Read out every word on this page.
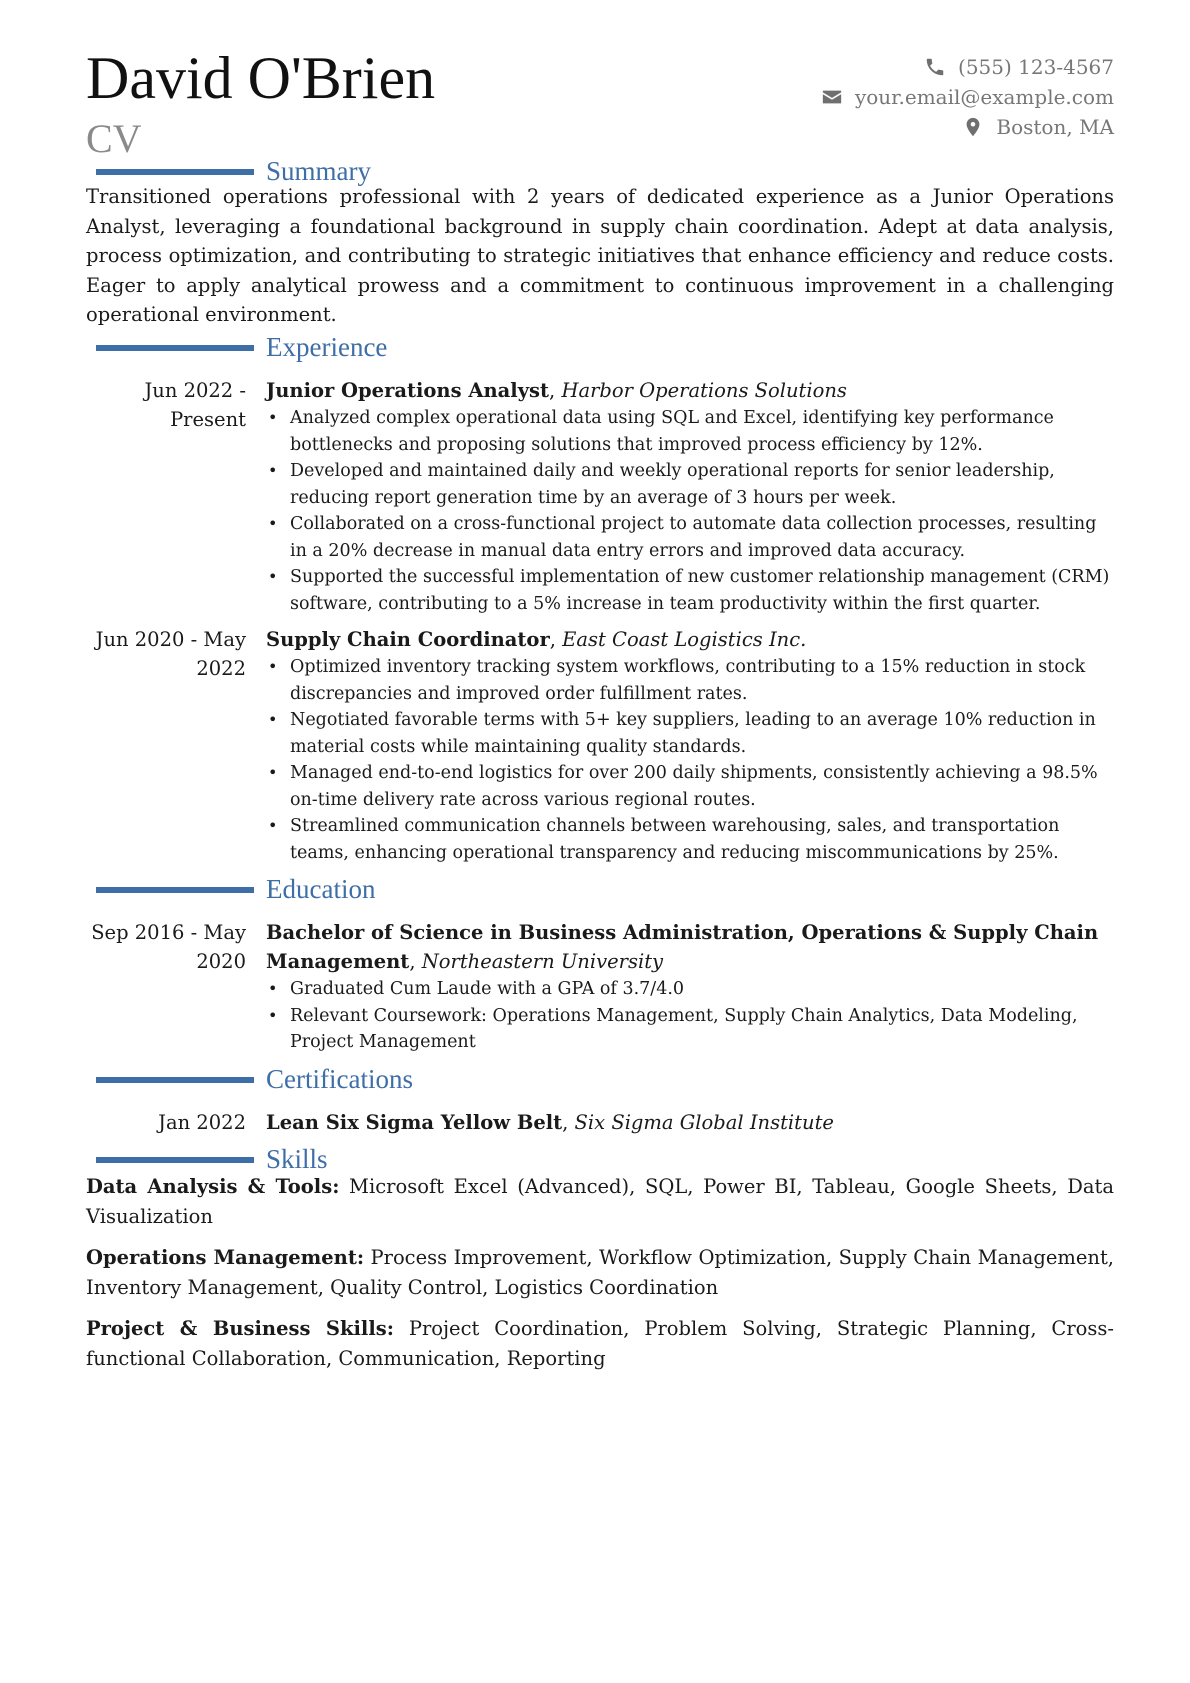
David O'Brien
CV
(555) 123-4567
your.email@example.com
Boston, MA
Summary

Transitioned operations professional with 2 years of dedicated experience as a Junior Operations Analyst, leveraging a foundational background in supply chain coordination. Adept at data analysis, process optimization, and contributing to strategic initiatives that enhance efficiency and reduce costs. Eager to apply analytical prowess and a commitment to continuous improvement in a challenging operational environment.

Experience
Jun 2022 - Present
Junior Operations Analyst, Harbor Operations Solutions
• Analyzed complex operational data using SQL and Excel, identifying key performance bottlenecks and proposing solutions that improved process efficiency by 12%.
• Developed and maintained daily and weekly operational reports for senior leadership, reducing report generation time by an average of 3 hours per week.
• Collaborated on a cross-functional project to automate data collection processes, resulting in a 20% decrease in manual data entry errors and improved data accuracy.
• Supported the successful implementation of new customer relationship management (CRM) software, contributing to a 5% increase in team productivity within the first quarter.
Jun 2020 - May 2022
Supply Chain Coordinator, East Coast Logistics Inc.
• Optimized inventory tracking system workflows, contributing to a 15% reduction in stock discrepancies and improved order fulfillment rates.
• Negotiated favorable terms with 5+ key suppliers, leading to an average 10% reduction in material costs while maintaining quality standards.
• Managed end-to-end logistics for over 200 daily shipments, consistently achieving a 98.5% on-time delivery rate across various regional routes.
• Streamlined communication channels between warehousing, sales, and transportation teams, enhancing operational transparency and reducing miscommunications by 25%.
Education
Sep 2016 - May 2020
Bachelor of Science in Business Administration, Operations & Supply Chain Management, Northeastern University
• Graduated Cum Laude with a GPA of 3.7/4.0
• Relevant Coursework: Operations Management, Supply Chain Analytics, Data Modeling, Project Management
Certifications
Jan 2022	Lean Six Sigma Yellow Belt, Six Sigma Global Institute
Skills
Data Analysis & Tools: Microsoft Excel (Advanced), SQL, Power BI, Tableau, Google Sheets, Data Visualization
Operations Management: Process Improvement, Workflow Optimization, Supply Chain Management, Inventory Management, Quality Control, Logistics Coordination
Project & Business Skills: Project Coordination, Problem Solving, Strategic Planning, Cross-functional Collaboration, Communication, Reporting
